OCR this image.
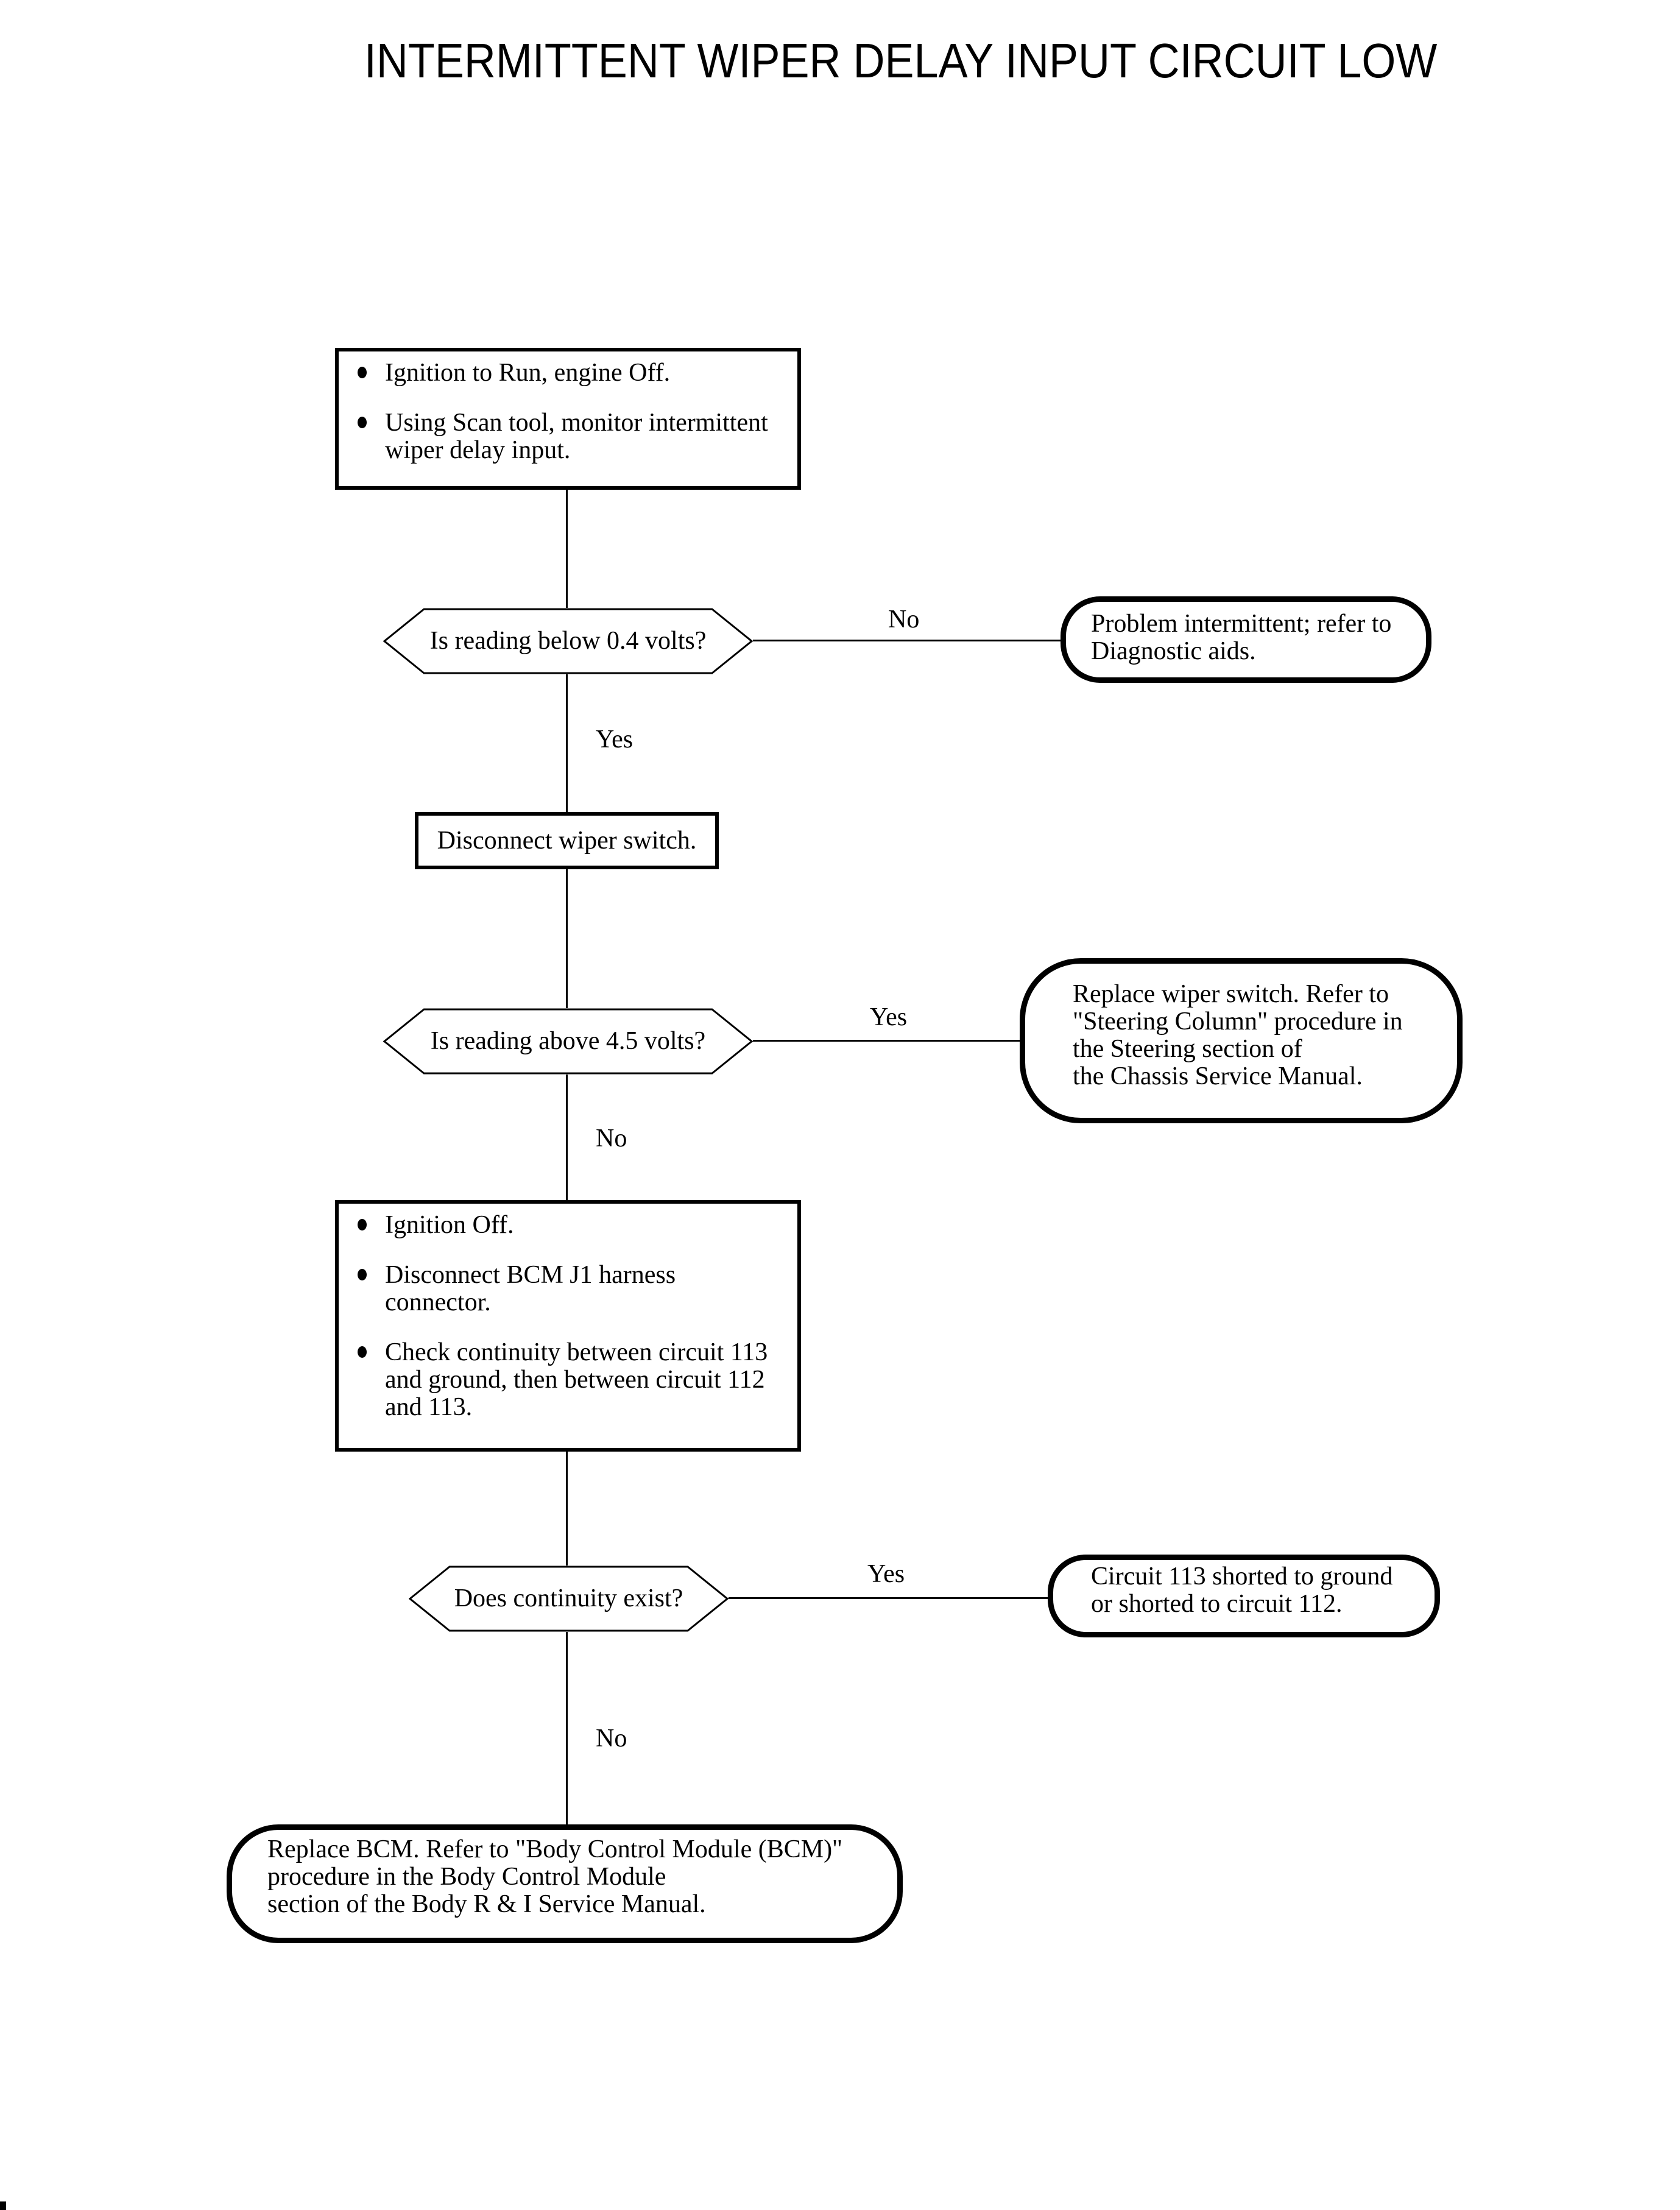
INTERMITTENT WIPER DELAY INPUT CIRCUIT LOW
Ignition to Run, engine Off.
Using Scan tool, monitor intermittent
wiper delay input.
Is reading below 0.4 volts?
No	Problem intermittent; refer to
Diagnostic aids.
Yes
Disconnect wiper switch.
Is reading above 4.5 volts?
Yes
Replace wiper switch. Refer to
"Steering Column" procedure in
the Steering section of
the Chassis Service Manual.
No
Ignition Off.
Disconnect BCM J1 harness
connector.
Check continuity between circuit 113
and ground, then between circuit 112
and 113.
Does continuity exist?
Yes	Circuit 113 shorted to ground
or shorted to circuit 112.
No
Replace BCM. Refer to "Body Control Module (BCM)"
procedure in the Body Control Module
section of the Body R & I Service Manual.
